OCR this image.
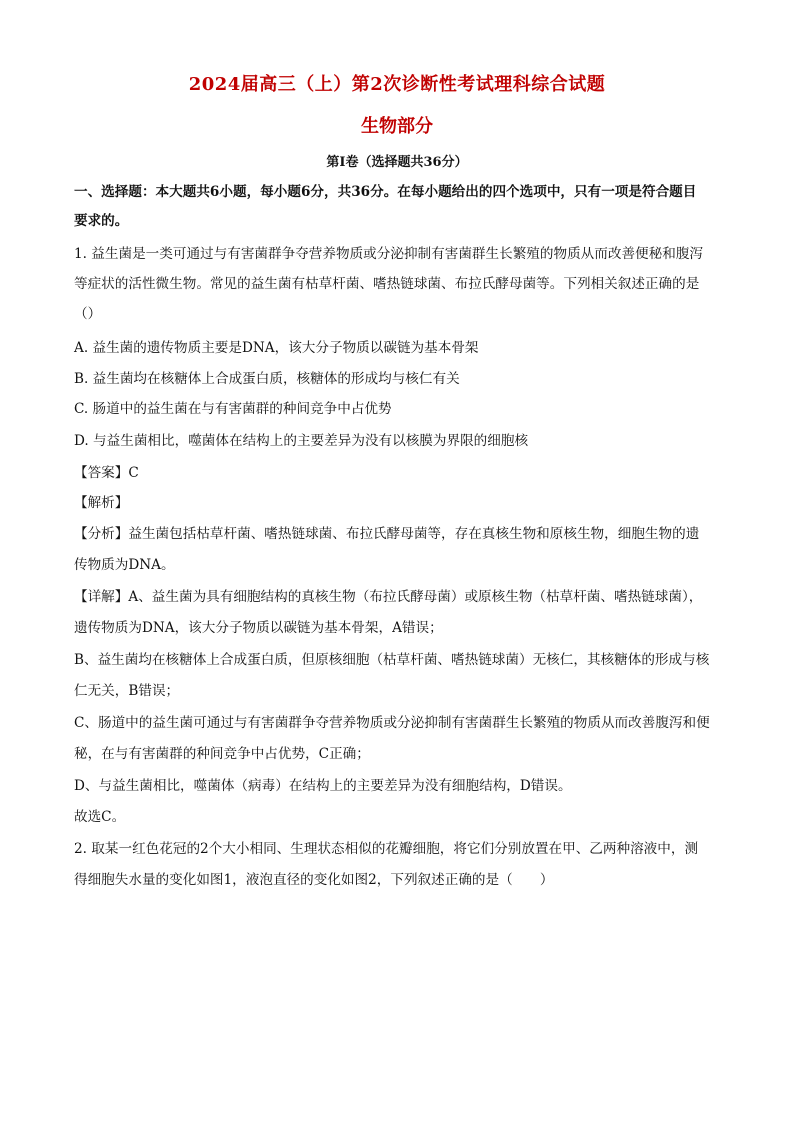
2024届高三（上）第2次诊断性考试理科综合试题
生物部分
第Ⅰ卷（选择题共36分）
一、选择题：本大题共6小题，每小题6分，共36分。在每小题给出的四个选项中，只有一项是符合题目
要求的。
1. 益生菌是一类可通过与有害菌群争夺营养物质或分泌抑制有害菌群生长繁殖的物质从而改善便秘和腹泻
等症状的活性微生物。常见的益生菌有枯草杆菌、嗜热链球菌、布拉氏酵母菌等。下列相关叙述正确的是
（）
A. 益生菌的遗传物质主要是DNA，该大分子物质以碳链为基本骨架
B. 益生菌均在核糖体上合成蛋白质，核糖体的形成均与核仁有关
C. 肠道中的益生菌在与有害菌群的种间竞争中占优势
D. 与益生菌相比，噬菌体在结构上的主要差异为没有以核膜为界限的细胞核
【答案】C
【解析】
【分析】益生菌包括枯草杆菌、嗜热链球菌、布拉氏酵母菌等，存在真核生物和原核生物，细胞生物的遗
传物质为DNA。
【详解】A、益生菌为具有细胞结构的真核生物（布拉氏酵母菌）或原核生物（枯草杆菌、嗜热链球菌），
遗传物质为DNA，该大分子物质以碳链为基本骨架，A错误；
B、益生菌均在核糖体上合成蛋白质，但原核细胞（枯草杆菌、嗜热链球菌）无核仁，其核糖体的形成与核
仁无关，B错误；
C、肠道中的益生菌可通过与有害菌群争夺营养物质或分泌抑制有害菌群生长繁殖的物质从而改善腹泻和便
秘，在与有害菌群的种间竞争中占优势，C正确；
D、与益生菌相比，噬菌体（病毒）在结构上的主要差异为没有细胞结构，D错误。
故选C。
2. 取某一红色花冠的2个大小相同、生理状态相似的花瓣细胞，将它们分别放置在甲、乙两种溶液中，测
得细胞失水量的变化如图1，液泡直径的变化如图2，下列叙述正确的是（　　）
